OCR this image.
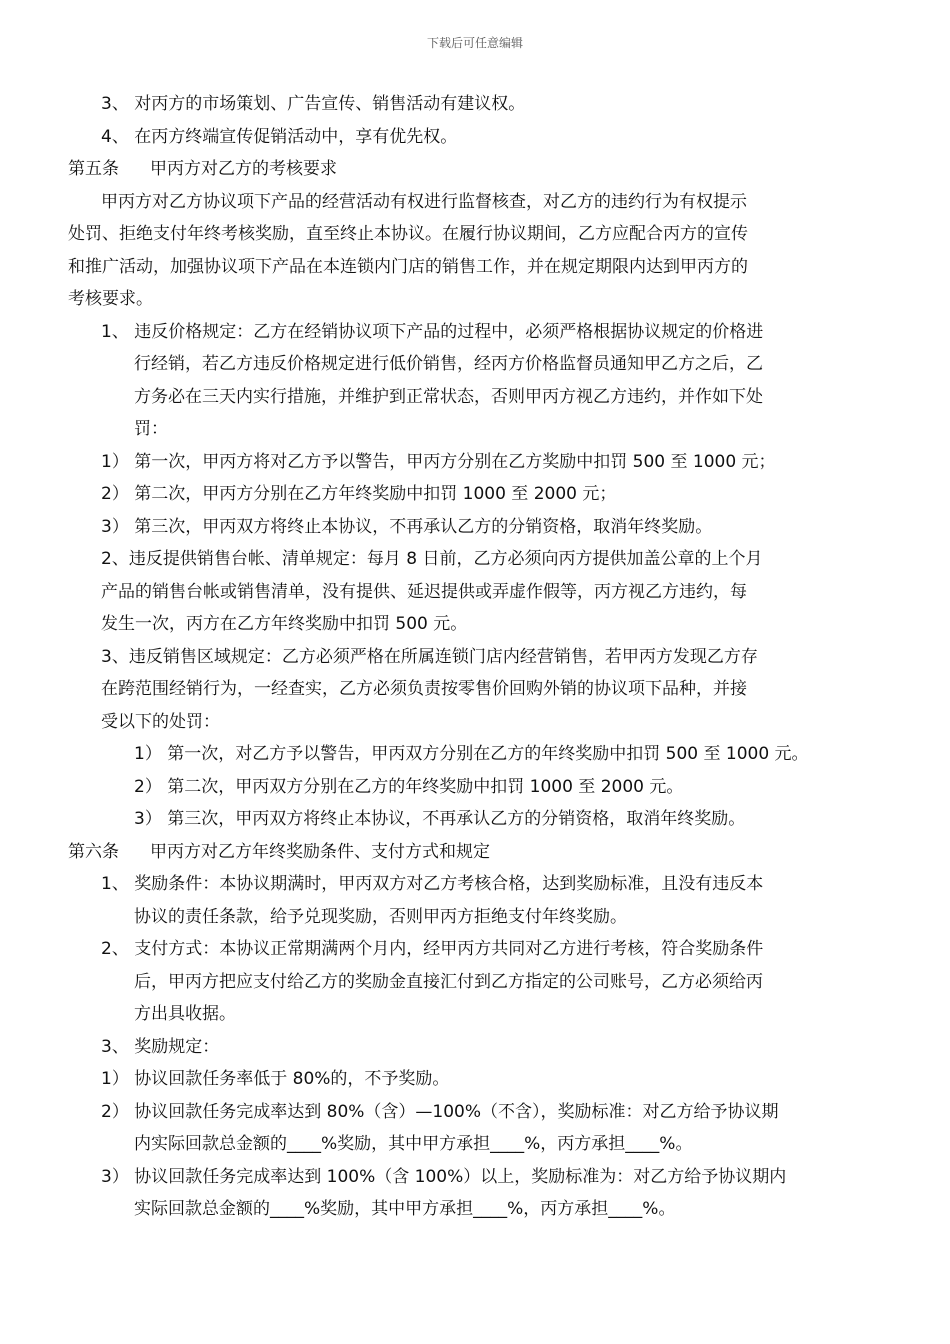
下载后可任意编辑

3、 对丙方的市场策划、广告宣传、销售活动有建议权。

4、 在丙方终端宣传促销活动中，享有优先权。

第五条 甲丙方对乙方的考核要求

甲丙方对乙方协议项下产品的经营活动有权进行监督核查，对乙方的违约行为有权提示

处罚、拒绝支付年终考核奖励，直至终止本协议。在履行协议期间，乙方应配合丙方的宣传

和推广活动，加强协议项下产品在本连锁内门店的销售工作，并在规定期限内达到甲丙方的

考核要求。

1、 违反价格规定：乙方在经销协议项下产品的过程中，必须严格根据协议规定的价格进

行经销，若乙方违反价格规定进行低价销售，经丙方价格监督员通知甲乙方之后，乙

方务必在三天内实行措施，并维护到正常状态，否则甲丙方视乙方违约，并作如下处

罚：

1） 第一次，甲丙方将对乙方予以警告，甲丙方分别在乙方奖励中扣罚 500 至 1000 元；

2） 第二次，甲丙方分别在乙方年终奖励中扣罚 1000 至 2000 元；

3） 第三次，甲丙双方将终止本协议，不再承认乙方的分销资格，取消年终奖励。

2、违反提供销售台帐、清单规定：每月 8 日前，乙方必须向丙方提供加盖公章的上个月

产品的销售台帐或销售清单，没有提供、延迟提供或弄虚作假等，丙方视乙方违约，每

发生一次，丙方在乙方年终奖励中扣罚 500 元。

3、违反销售区域规定：乙方必须严格在所属连锁门店内经营销售，若甲丙方发现乙方存

在跨范围经销行为，一经查实，乙方必须负责按零售价回购外销的协议项下品种，并接

受以下的处罚：

1） 第一次，对乙方予以警告，甲丙双方分别在乙方的年终奖励中扣罚 500 至 1000 元。

2） 第二次，甲丙双方分别在乙方的年终奖励中扣罚 1000 至 2000 元。

3） 第三次，甲丙双方将终止本协议，不再承认乙方的分销资格，取消年终奖励。

第六条 甲丙方对乙方年终奖励条件、支付方式和规定

1、 奖励条件：本协议期满时，甲丙双方对乙方考核合格，达到奖励标准，且没有违反本

协议的责任条款，给予兑现奖励，否则甲丙方拒绝支付年终奖励。

2、 支付方式：本协议正常期满两个月内，经甲丙方共同对乙方进行考核，符合奖励条件

后，甲丙方把应支付给乙方的奖励金直接汇付到乙方指定的公司账号，乙方必须给丙

方出具收据。

3、 奖励规定：

1） 协议回款任务率低于 80%的，不予奖励。

2） 协议回款任务完成率达到 80%（含）—100%（不含），奖励标准：对乙方给予协议期

内实际回款总金额的____%奖励，其中甲方承担____%，丙方承担____%。

3） 协议回款任务完成率达到 100%（含 100%）以上，奖励标准为：对乙方给予协议期内

实际回款总金额的____%奖励，其中甲方承担____%，丙方承担____%。
